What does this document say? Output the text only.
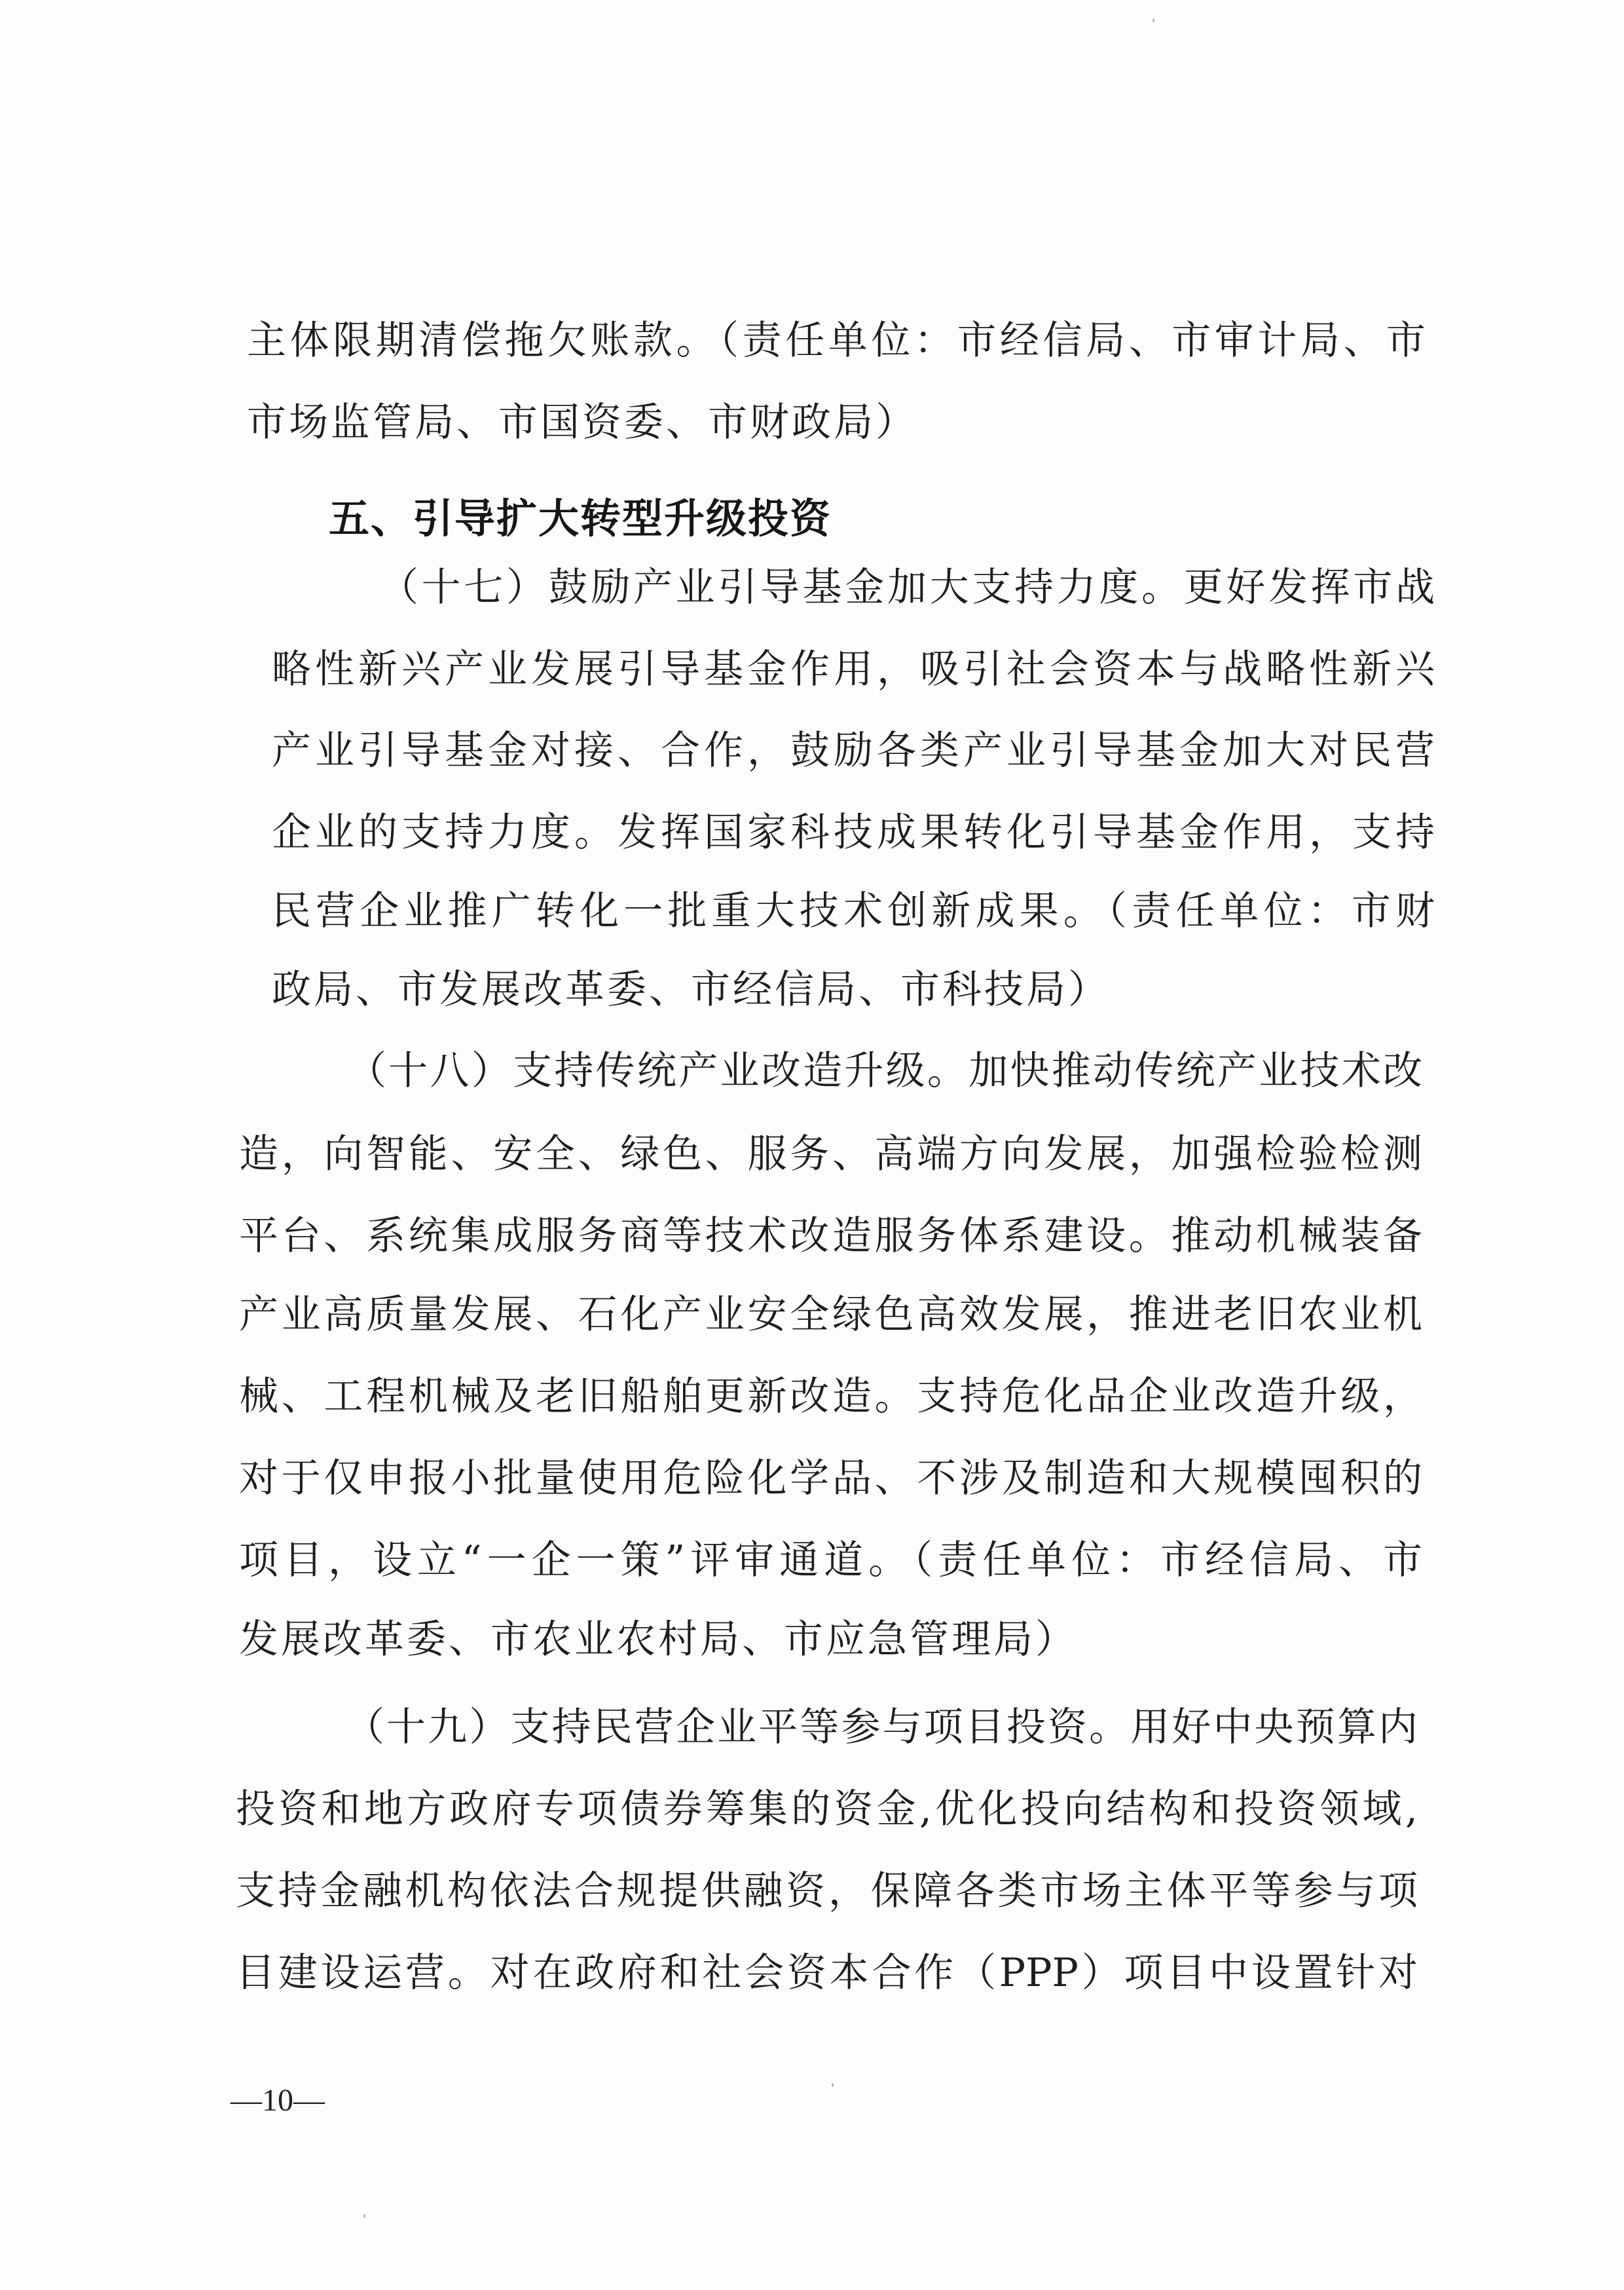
主体限期清偿拖欠账款。（责任单位：市经信局、市审计局、市
市场监管局、市国资委、市财政局）
五、引导扩大转型升级投资
（十七）鼓励产业引导基金加大支持力度。更好发挥市战
略性新兴产业发展引导基金作用，吸引社会资本与战略性新兴
产业引导基金对接、合作，鼓励各类产业引导基金加大对民营
企业的支持力度。发挥国家科技成果转化引导基金作用，支持
民营企业推广转化一批重大技术创新成果。（责任单位：市财
政局、市发展改革委、市经信局、市科技局）
（十八）支持传统产业改造升级。加快推动传统产业技术改
造，向智能、安全、绿色、服务、高端方向发展，加强检验检测
平台、系统集成服务商等技术改造服务体系建设。推动机械装备
产业高质量发展、石化产业安全绿色高效发展，推进老旧农业机
械、工程机械及老旧船舶更新改造。支持危化品企业改造升级，
对于仅申报小批量使用危险化学品、不涉及制造和大规模囤积的
项目，设立“一企一策”评审通道。（责任单位：市经信局、市
发展改革委、市农业农村局、市应急管理局）
（十九）支持民营企业平等参与项目投资。用好中央预算内
投资和地方政府专项债券筹集的资金,优化投向结构和投资领域,
支持金融机构依法合规提供融资，保障各类市场主体平等参与项
目建设运营。对在政府和社会资本合作（PPP）项目中设置针对
—10—
